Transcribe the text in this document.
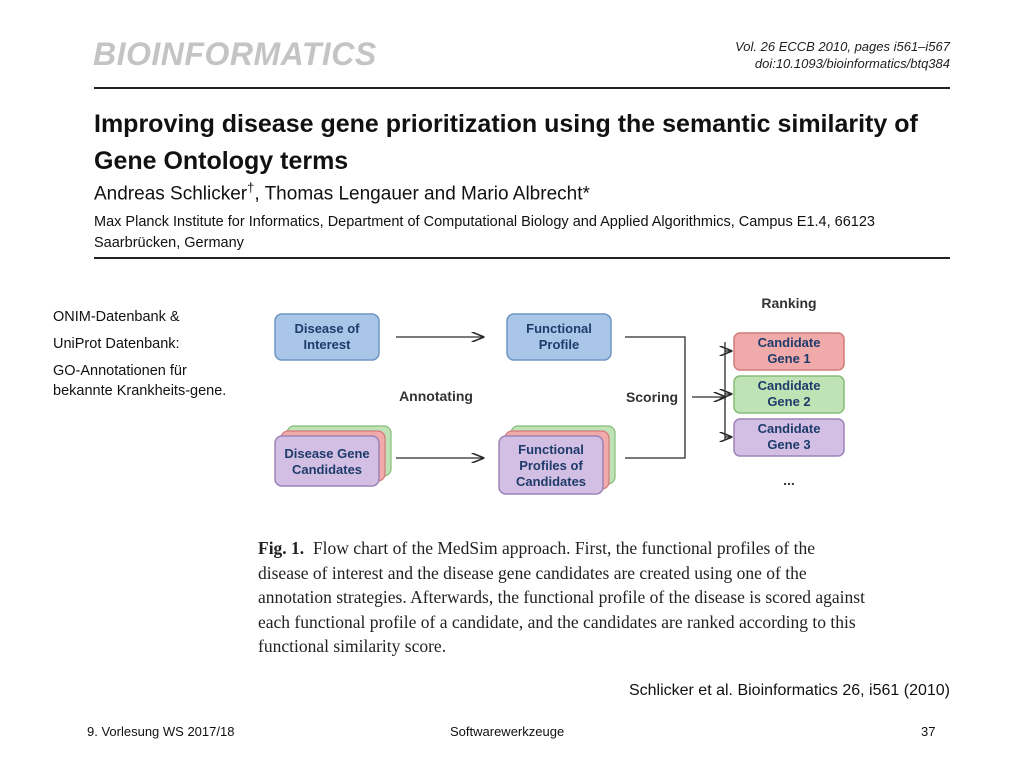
BIOINFORMATICS	Vol. 26 ECCB 2010, pages i561–i567
doi:10.1093/bioinformatics/btq384
Improving disease gene prioritization using the semantic similarity of Gene Ontology terms
Andreas Schlicker†, Thomas Lengauer and Mario Albrecht*
Max Planck Institute for Informatics, Department of Computational Biology and Applied Algorithmics, Campus E1.4, 66123 Saarbrücken, Germany

ONIM-Datenbank &

UniProt Datenbank:

GO-Annotationen für bekannte Krankheits-gene.

Disease of
Interest
Functional
Profile
Disease Gene
Candidates
Functional
Profiles of
Candidates
Annotating	Scoring
Ranking
Candidate
Gene 1
Candidate
Gene 2
Candidate
Gene 3
...
Fig. 1. Flow chart of the MedSim approach. First, the functional profiles of the disease of interest and the disease gene candidates are created using one of the annotation strategies. Afterwards, the functional profile of the disease is scored against each functional profile of a candidate, and the candidates are ranked according to this functional similarity score.
Schlicker et al. Bioinformatics 26, i561 (2010)
9. Vorlesung WS 2017/18	Softwarewerkzeuge	37
